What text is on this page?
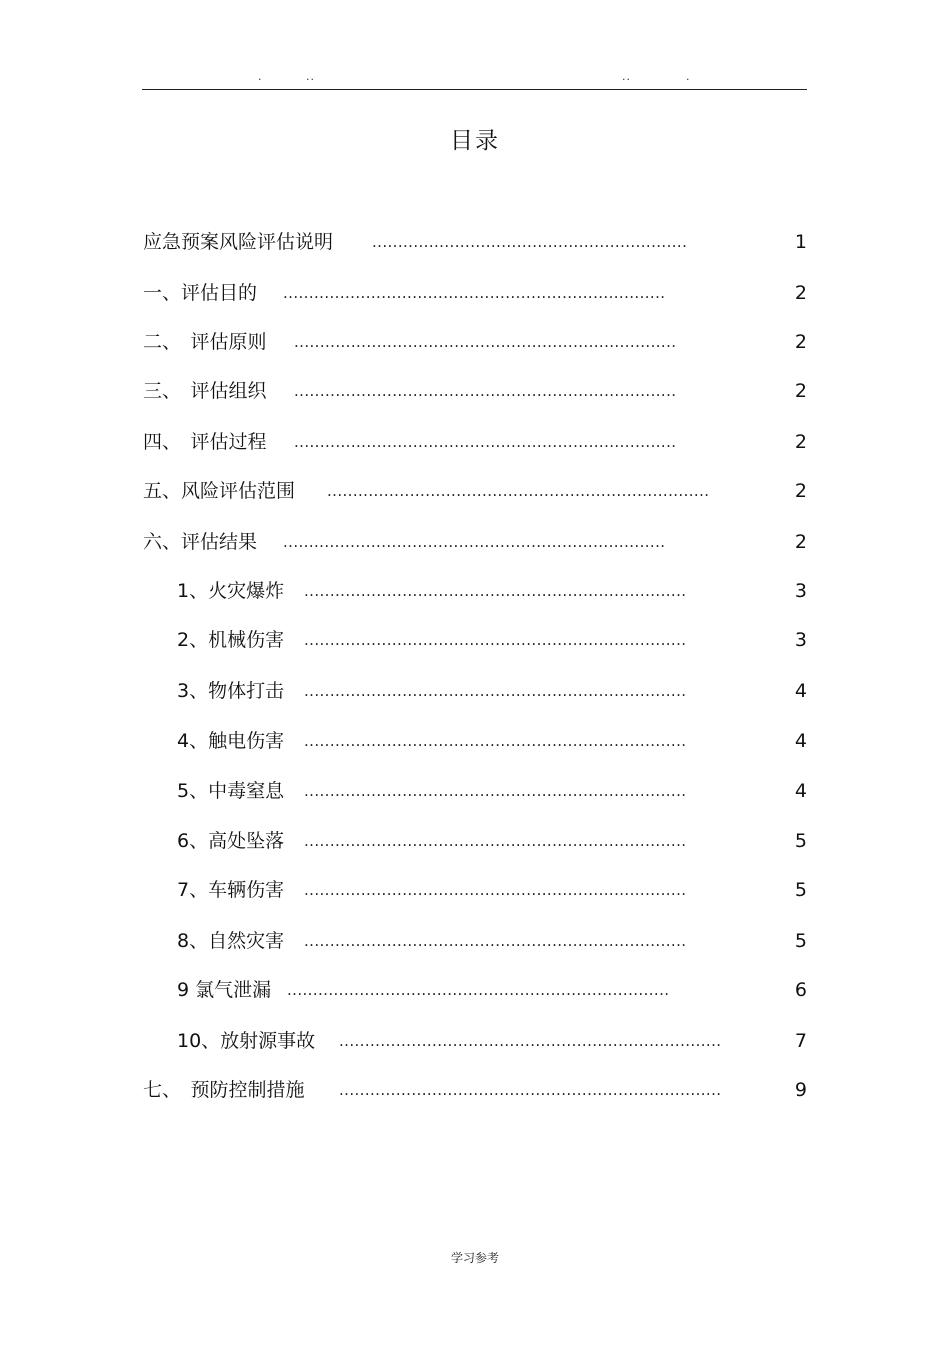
.	..	..	.
目录
应急预案风险评估说明	.............................................................	1
一、评估目的 ..........................................................................	2
二、　评估原则 ..........................................................................	2
三、　评估组织 ..........................................................................	2
四、　评估过程 ..........................................................................	2
五、风险评估范围 ..........................................................................	2
六、评估结果 ..........................................................................	2
1、火灾爆炸 ..........................................................................	3
2、机械伤害 ..........................................................................	3
3、物体打击 ..........................................................................	4
4、触电伤害 ..........................................................................	4
5、中毒窒息 ..........................................................................	4
6、高处坠落 ..........................................................................	5
7、车辆伤害 ..........................................................................	5
8、自然灾害 ..........................................................................	5
9 氯气泄漏 ..........................................................................	6
10、放射源事故 ..........................................................................	7
七、　预防控制措施 ..........................................................................	9
学习参考
